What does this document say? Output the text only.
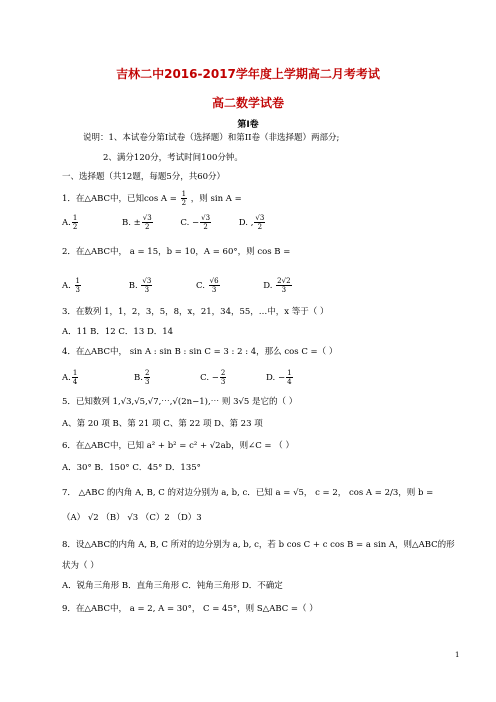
吉林二中2016-2017学年度上学期高二月考考试
高二数学试卷
第I卷
说明：1、本试卷分第I试卷（选择题）和第II卷（非选择题）两部分;
2、满分120分，考试时间100分钟。
一、选择题（共12题，每题5分，共60分）
1．在△ABC中，已知$\cos A = \frac{1}{2}$ ，则 sin A =
A. $\frac{1}{2}$	B. ± $\frac{√3}{2}$	C. − $\frac{√3}{2}$	D. , $\frac{√3}{2}$
2．在△ABC中， a = 15，b = 10，A = 60°，则 cos B =
A. $\frac{1}{3}$	B. $\frac{√3}{3}$	C. $\frac{√6}{3}$	D. $\frac{2√2}{3}$
3．在数列 1，1，2，3，5，8，x，21，34，55，…中，x 等于（ ）
A．11 B．12 C．13 D．14
4．在△ABC中， sin A : sin B : sin C = 3 : 2 : 4，那么 cos C =（ ）
A. $\frac{1}{4}$	B. $\frac{2}{3}$	C. − $\frac{2}{3}$	D. − $\frac{1}{4}$
5．已知数列 1,√3,√5,√7,⋯,√(2n−1),⋯ 则 3√5 是它的（ ）
A、第 20 项 B、第 21 项 C、第 22 项 D、第 23 项
6．在△ABC中，已知 a² + b² = c² + √2ab，则∠C = （ ）
A．30° B．150° C．45° D．135°
7． △ABC 的内角 A, B, C 的对边分别为 a, b, c．已知 a = √5， c = 2， cos A = 2/3，则 b =
（A） √2 （B） √3 （C）2 （D）3
8．设△ABC的内角 A, B, C 所对的边分别为 a, b, c，若 b cos C + c cos B = a sin A，则△ABC的形
状为（ ）
A．锐角三角形 B．直角三角形 C．钝角三角形 D．不确定
9．在△ABC中， a = 2, A = 30°， C = 45°，则 S△ABC =（ ）
1
